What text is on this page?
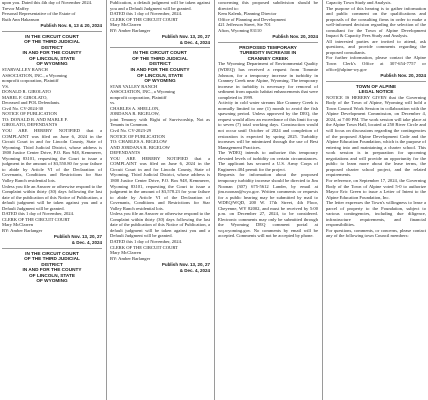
upon you. Dated this 4th day of November 2024.
Trevor Maffey
Personal Representative of the Estate of
Ruth Ann Hakanson

Publish Nov. 6, 13 & 20, 2024

IN THE CIRCUIT COURT
OF THE THIRD JUDICIAL
DISTRICT
IN AND FOR THE COUNTY
OF LINCOLN, STATE
OF WYOMING

STARVALLEY RANCH
ASSOCIATION, INC., a Wyoming
nonprofit corporation, Plaintiff
VS.
DONALD R. GIROLATO
MABEL F. GIROLATO,
Deceased and POL Defendants.
Civil No. CV-2024-30
NOTICE OF PUBLICATION
TO: DONALD R. AND MABLE F.
GIROLATO, DEFENDANTS
YOU ARE HEREBY NOTIFIED that a COMPLAINT was filed on June 6, 2024 in the Circuit Court in and for Lincoln County, State of Wyoming. Third Judicial District, whose address is 1800 Justice Center Drive, P.O. Box 948, Kemmerer, Wyoming 83101, requesting the Court to issue a judgment in the amount of $3,550.80 for your failure to abide by Article VI of the Declaration of Covenants, Conditions and Restrictions for Star Valley Ranch residential lots.
Unless you file an Answer or otherwise respond to the Complaint within thirty (30) days following the last date of the publication of this Notice of Publication, a default judgment will be taken against you and a Default Judgment will be granted.
DATED this 1 day of November, 2024.
CLERK OF THE CIRCUIT COURT
Mary McClarren
BY: Amber Barlanger

Publish Nov. 13, 20, 27
& Dec. 4, 2024

IN THE CIRCUIT COURT
OF THE THIRD JUDICIAL
DISTRICT
IN AND FOR THE COUNTY
OF LINCOLN, STATE
OF WYOMING

Publication, a default judgment will be taken against you and a Default Judgment will be granted.
DATED this 1 day of November, 2024.
CLERK OF THE CIRCUIT COURT
Mary McClarren
BY: Amber Barlanger

Publish Nov. 13, 20, 27
& Dec. 4, 2024

IN THE CIRCUIT COURT
OF THE THIRD JUDICIAL
DISTRICT
IN AND FOR THE COUNTY
OF LINCOLN, STATE
OF WYOMING

STAR VALLEY RANCH
ASSOCIATION, INC., a Wyoming
nonprofit corporation, Plaintiff
vs.
CHARLES A. SHELLON,
JORDANA R. BIGELOW,
joint Tenancy with Right of Survivorship, Not as Tenants in Common.
Civil No. CV-2023-29
NOTICE OF PUBLICATION
TO: CHARLES A. BIGELOW
AND JORDANA R. BIGELOW
DEFENDANTS
YOU ARE HEREBY NOTIFIED that a COMPLAINT was filed on June 6, 2024 in the Circuit Court in and for Lincoln County, State of Wyoming, Third Judicial District, whose address is 1800 Justice Center Drive, P.O. Box 948, Kemmerer, Wyoming 83101, requesting the Court to issue a judgment in the amount of $3,578.23 for your failure to abide by Article VI of the Declaration of Covenants, Conditions and Restrictions for Star Valley Ranch residential lots.
Unless you file an Answer or otherwise respond to the Complaint within thirty (30) days following the last date of the publication of this Notice of Publication, a default judgment will be taken against you and a Default Judgment will be granted.
DATED this 1 day of November, 2024.
CLERK OF THE CIRCUIT COURT
Mary McClarren
BY: Amber Barlanger

Publish Nov. 13, 20, 27
& Dec. 4, 2024

concerning this proposed subdivision should be directed to:
Kem Kalenk, Planning Director
Office of Planning and Development
421 Jefferson Street, Ste 701
Afton, Wyoming 83110

Publish Nov. 20, 2024

PROPOSED TEMPORARY
TURBIDITY INCREASE IN
CRANNEY CREEK

The Wyoming Department of Environmental Quality (WDEQ) has received a request from Tommie Johnson, for a temporary increase in turbidity in Cranney Creek near Alpine, Wyoming. The temporary increase in turbidity is necessary for removal of sediment from aquatic habitat enhancements that were completed in 1999.
Activity in cold water streams like Cranney Creek is normally limited to one (1) month to avoid the fish spawning period. Unless approved by the DEQ, the request would allow an exceedance of this limit for up to seven (7) total working days. Construction would not occur until October of 2024 and completion of restoration is expected by spring 2025. Turbidity increases will be minimized through the use of Best Management Practices.
The WDEQ intends to authorize this temporary elevated levels of turbidity on certain circumstances. The applicant has secured a U.S. Army Corps of Engineers 404 permit for the project.
Requests for information about the proposed temporary turbidity increase should be directed to Jim Noonan (307) 675-5612 Lander, by email at jim.noonan@wyo.gov. Written comments or requests for a public hearing may be submitted by mail to WDEQ/WQD, 200 W. 17th Street, 4th Floor, Cheyenne, WY 82002, and must be received by 5:00 p.m. on December 27, 2024, to be considered. Electronic comments may only be submitted through the Wyoming DEQ comment portal at wq.wyoming.gov. No comments by email will be accepted. Comments will not be accepted by phone.

Capacity Town Study and Analysis.
The purpose of this hearing is to gather information and public comment on the qualifications and proposals of the consulting firms in order to make a well-informed decision regarding the selection of the consultant for the Town of Alpine Development Impact & Capacity Fees Study and Analysis.
All interested parties are invited to attend, ask questions, and provide comments regarding the proposed consultants.
For further information, please contact the Alpine Town Clerk's Office at 307-654-7757 or office@alpine-wy.gov

Publish Nov. 20, 2024

TOWN OF ALPINE
LEGAL NOTICE

NOTICE IS HEREBY GIVEN that the Governing Body of the Town of Alpine, Wyoming will hold a Town Council Work Session in collaboration with the Alpine Development Commission, on December 4, 2024, at 7:00 PM. The work session will take place at the Alpine Town Hall, located at 250 River Circle and will focus on discussions regarding the contingencies of the proposed Alpine Development Code and the Alpine Education Foundation, which is the purpose of entering into and maintaining a charter school. This work session is in preparation for upcoming negotiations and will provide an opportunity for the public to learn more about the lease terms, the proposed charter school project, and the related requirements.
For reference, on September 17, 2024, the Governing Body of the Town of Alpine voted 5-0 to authorize Mayor Eric Green to issue a Letter of Intent to the Alpine Education Foundation, Inc.
The letter expresses the Town's willingness to lease a parcel of property to the Foundation, subject to various contingencies, including due diligence, infrastructure requirements, and financial responsibilities.
For questions, comments, or concerns, please contact any of the following town Council members:
